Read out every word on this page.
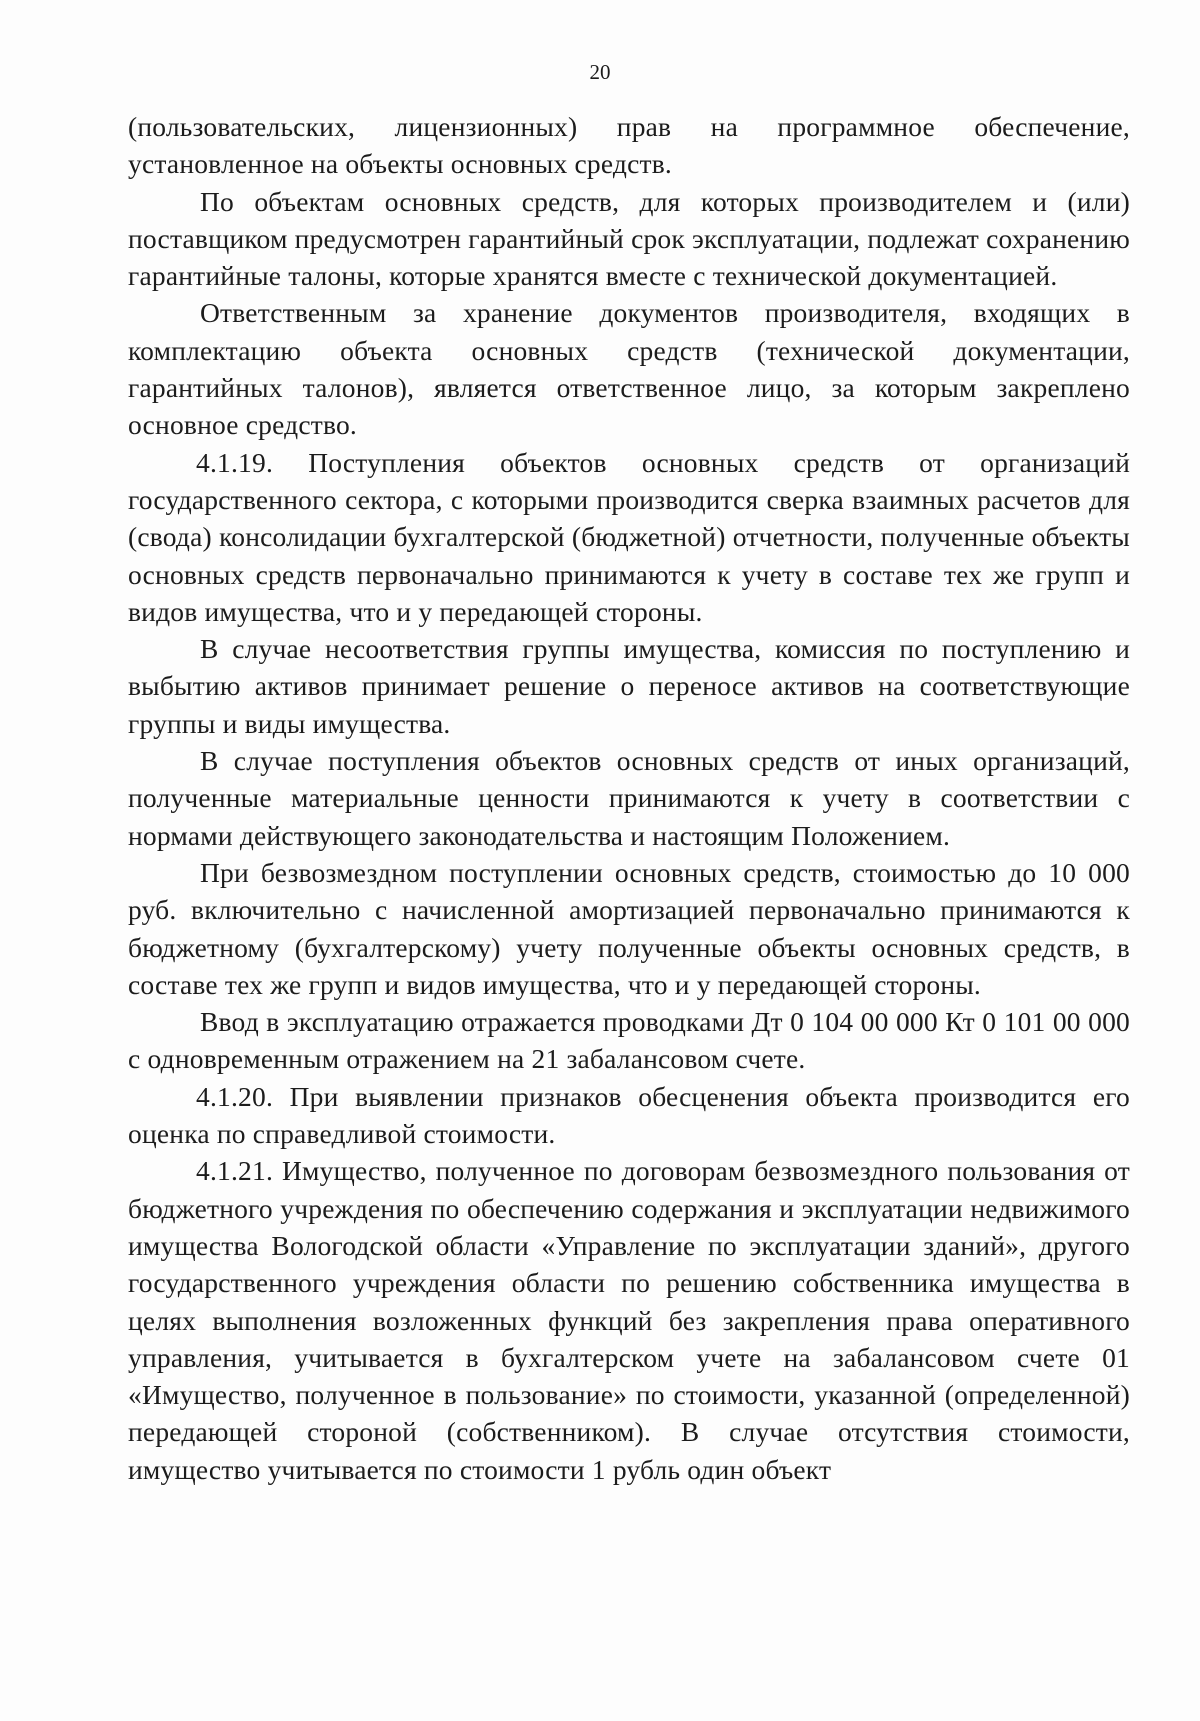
20

(пользовательских, лицензионных) прав на программное обеспечение, установленное на объекты основных средств.

По объектам основных средств, для которых производителем и (или) поставщиком предусмотрен гарантийный срок эксплуатации, подлежат сохранению гарантийные талоны, которые хранятся вместе с технической документацией.

Ответственным за хранение документов производителя, входящих в комплектацию объекта основных средств (технической документации, гарантийных талонов), является ответственное лицо, за которым закреплено основное средство.

4.1.19. Поступления объектов основных средств от организаций государственного сектора, с которыми производится сверка взаимных расчетов для (свода) консолидации бухгалтерской (бюджетной) отчетности, полученные объекты основных средств первоначально принимаются к учету в составе тех же групп и видов имущества, что и у передающей стороны.

В случае несоответствия группы имущества, комиссия по поступлению и выбытию активов принимает решение о переносе активов на соответствующие группы и виды имущества.

В случае поступления объектов основных средств от иных организаций, полученные материальные ценности принимаются к учету в соответствии с нормами действующего законодательства и настоящим Положением.

При безвозмездном поступлении основных средств, стоимостью до 10 000 руб. включительно с начисленной амортизацией первоначально принимаются к бюджетному (бухгалтерскому) учету полученные объекты основных средств, в составе тех же групп и видов имущества, что и у передающей стороны.

Ввод в эксплуатацию отражается проводками Дт 0 104 00 000 Кт 0 101 00 000 с одновременным отражением на 21 забалансовом счете.

4.1.20. При выявлении признаков обесценения объекта производится его оценка по справедливой стоимости.

4.1.21. Имущество, полученное по договорам безвозмездного пользования от бюджетного учреждения по обеспечению содержания и эксплуатации недвижимого имущества Вологодской области «Управление по эксплуатации зданий», другого государственного учреждения области по решению собственника имущества в целях выполнения возложенных функций без закрепления права оперативного управления, учитывается в бухгалтерском учете на забалансовом счете 01 «Имущество, полученное в пользование» по стоимости, указанной (определенной) передающей стороной (собственником). В случае отсутствия стоимости, имущество учитывается по стоимости 1 рубль один объект
